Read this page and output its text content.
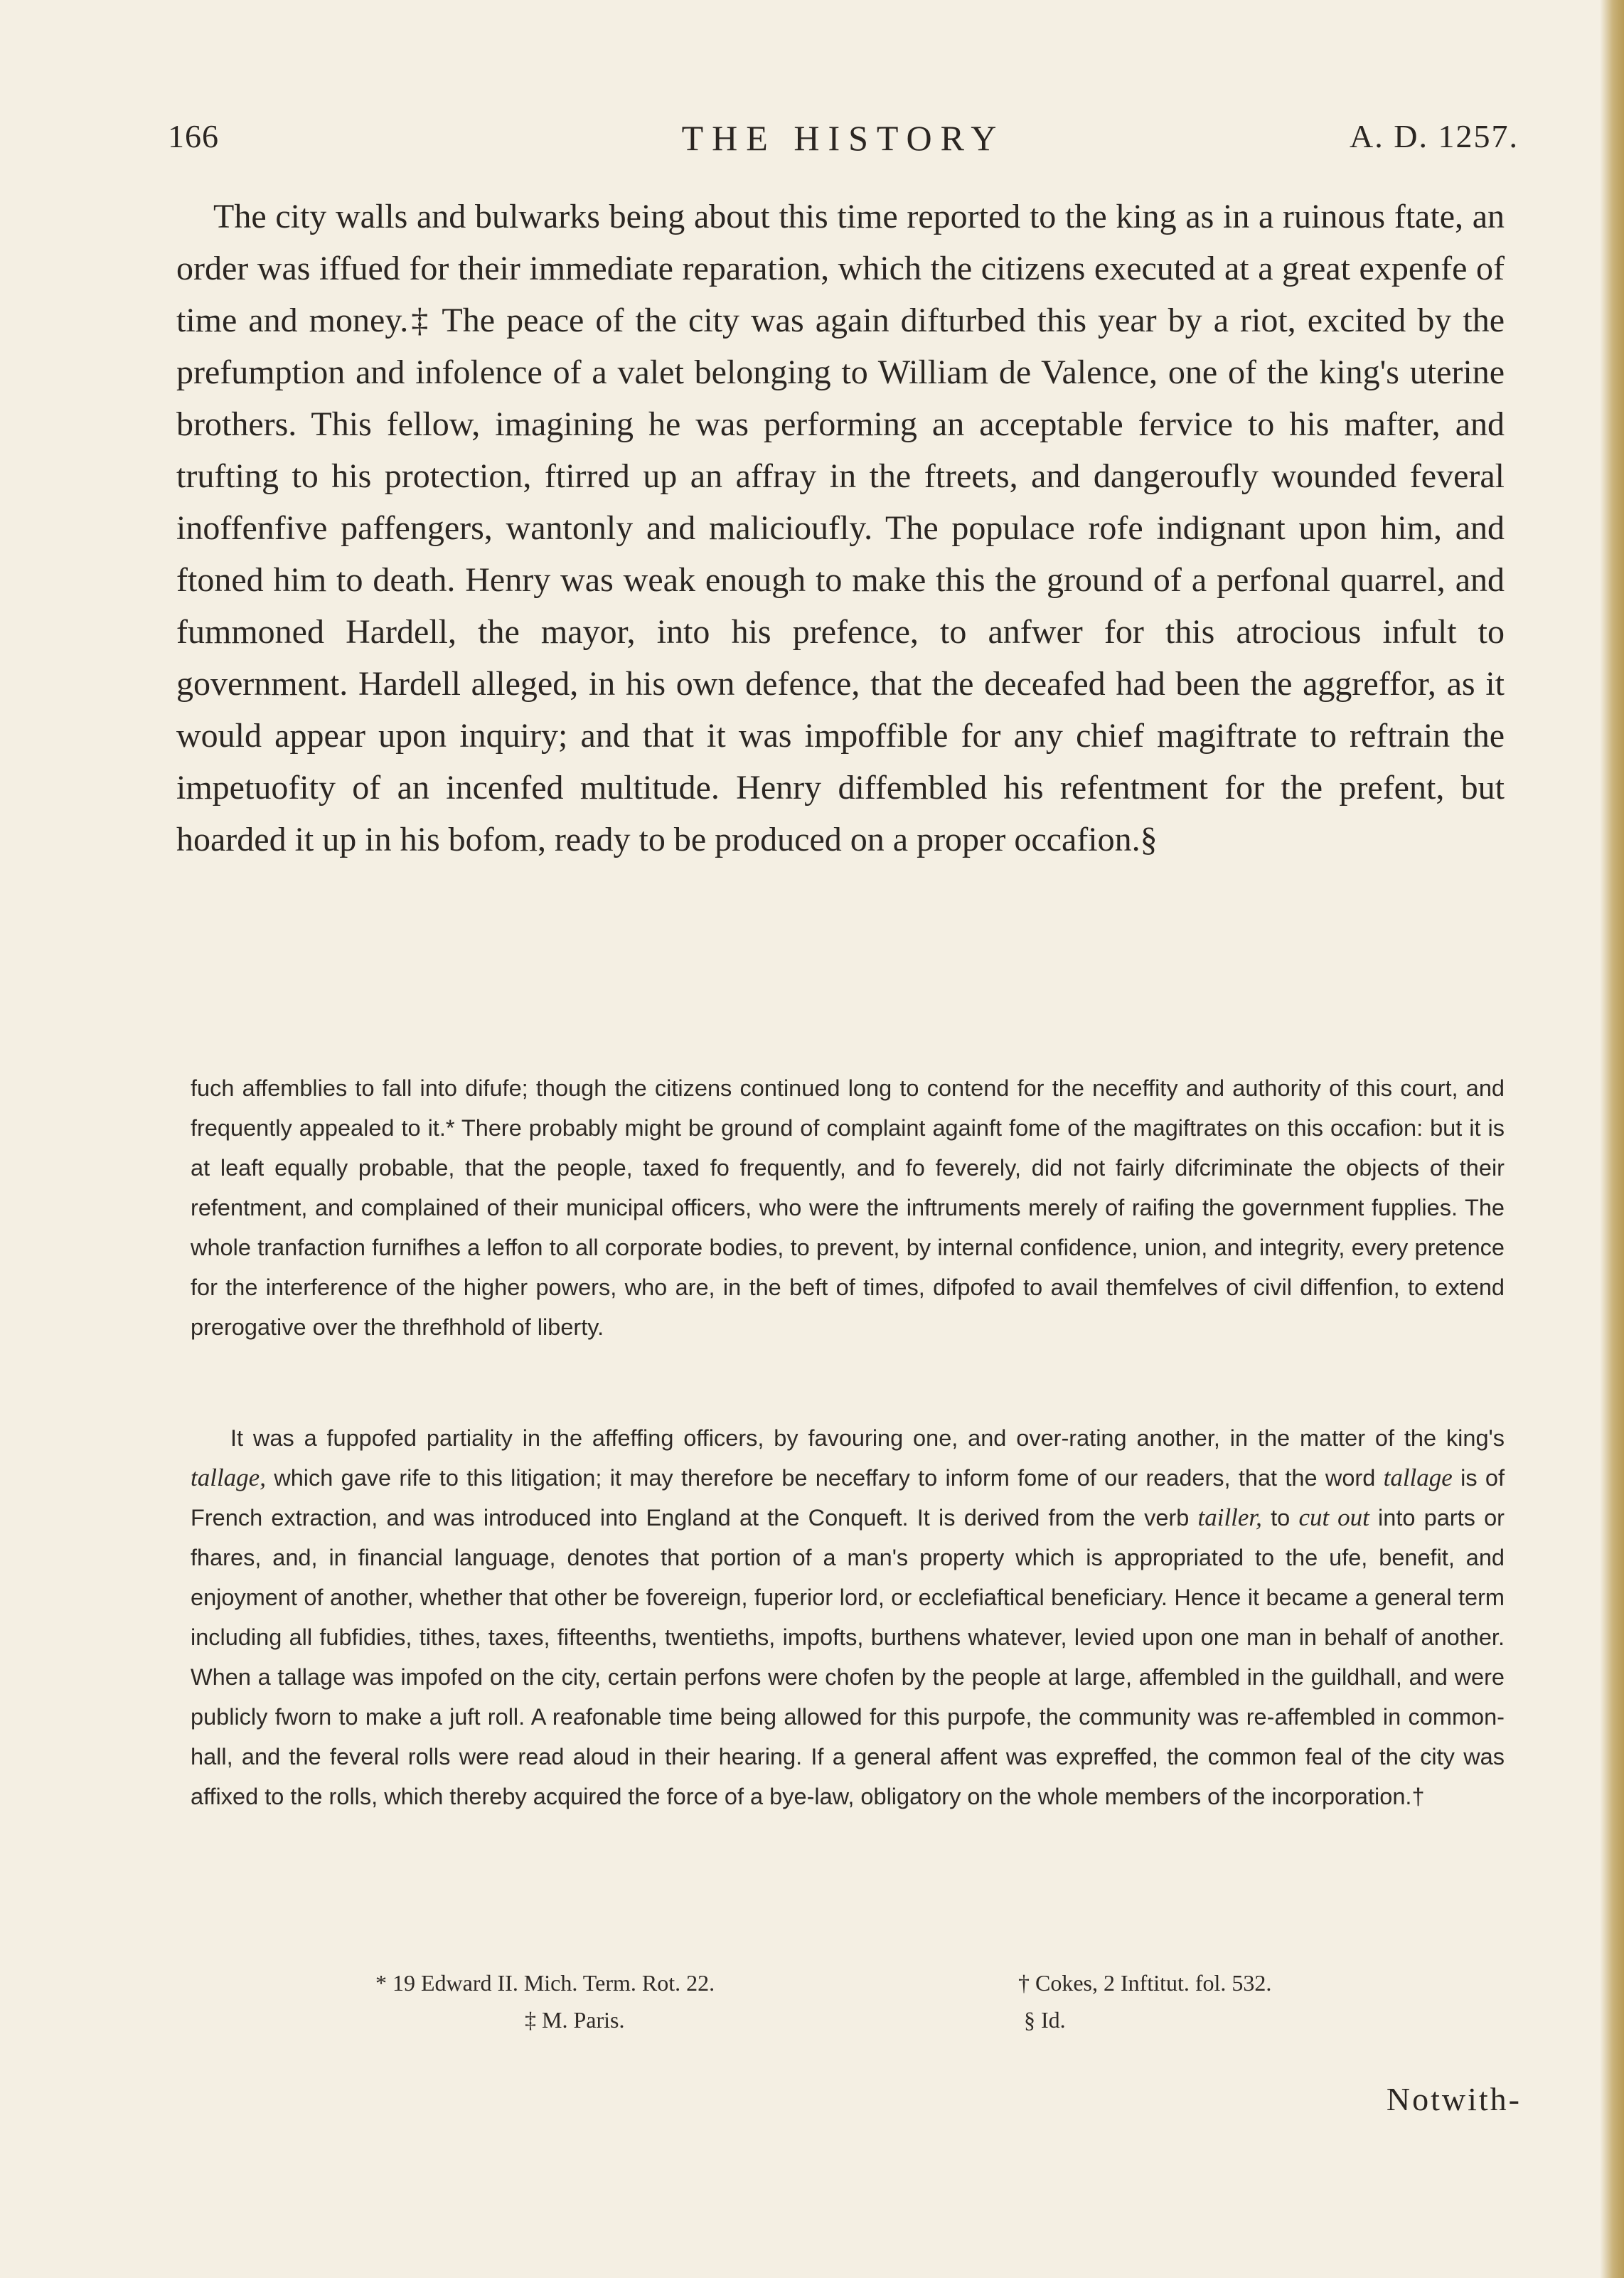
166	THE HISTORY	A. D. 1257.

The city walls and bulwarks being about this time reported to the king as in a ruinous ftate, an order was iffued for their immediate reparation, which the citizens executed at a great expenfe of time and money.‡ The peace of the city was again difturbed this year by a riot, excited by the prefumption and infolence of a valet belonging to William de Valence, one of the king's uterine brothers. This fellow, imagining he was performing an acceptable fervice to his mafter, and trufting to his protection, ftirred up an affray in the ftreets, and dangeroufly wounded feveral inoffenfive paffengers, wantonly and malicioufly. The populace rofe indignant upon him, and ftoned him to death. Henry was weak enough to make this the ground of a perfonal quarrel, and fummoned Hardell, the mayor, into his prefence, to anfwer for this atrocious infult to government. Hardell alleged, in his own defence, that the deceafed had been the aggreffor, as it would appear upon inquiry; and that it was impoffible for any chief magiftrate to reftrain the impetuofity of an incenfed multitude. Henry diffembled his refentment for the prefent, but hoarded it up in his bofom, ready to be produced on a proper occafion.§

fuch affemblies to fall into difufe; though the citizens continued long to contend for the neceffity and authority of this court, and frequently appealed to it.* There probably might be ground of complaint againft fome of the magiftrates on this occafion: but it is at leaft equally probable, that the people, taxed fo frequently, and fo feverely, did not fairly difcriminate the objects of their refentment, and complained of their municipal officers, who were the inftruments merely of raifing the government fupplies. The whole tranfaction furnifhes a leffon to all corporate bodies, to prevent, by internal confidence, union, and integrity, every pretence for the interference of the higher powers, who are, in the beft of times, difpofed to avail themfelves of civil diffenfion, to extend prerogative over the threfhhold of liberty.

It was a fuppofed partiality in the affeffing officers, by favouring one, and over-rating another, in the matter of the king's tallage, which gave rife to this litigation; it may therefore be neceffary to inform fome of our readers, that the word tallage is of French extraction, and was introduced into England at the Conqueft. It is derived from the verb tailler, to cut out into parts or fhares, and, in financial language, denotes that portion of a man's property which is appropriated to the ufe, benefit, and enjoyment of another, whether that other be fovereign, fuperior lord, or ecclefiaftical beneficiary. Hence it became a general term including all fubfidies, tithes, taxes, fifteenths, twentieths, impofts, burthens whatever, levied upon one man in behalf of another. When a tallage was impofed on the city, certain perfons were chofen by the people at large, affembled in the guildhall, and were publicly fworn to make a juft roll. A reafonable time being allowed for this purpofe, the community was re-affembled in common-hall, and the feveral rolls were read aloud in their hearing. If a general affent was expreffed, the common feal of the city was affixed to the rolls, which thereby acquired the force of a bye-law, obligatory on the whole members of the incorporation.†

* 19 Edward II. Mich. Term. Rot. 22.	† Cokes, 2 Inftitut. fol. 532.
‡ M. Paris.	§ Id.
Notwith-
